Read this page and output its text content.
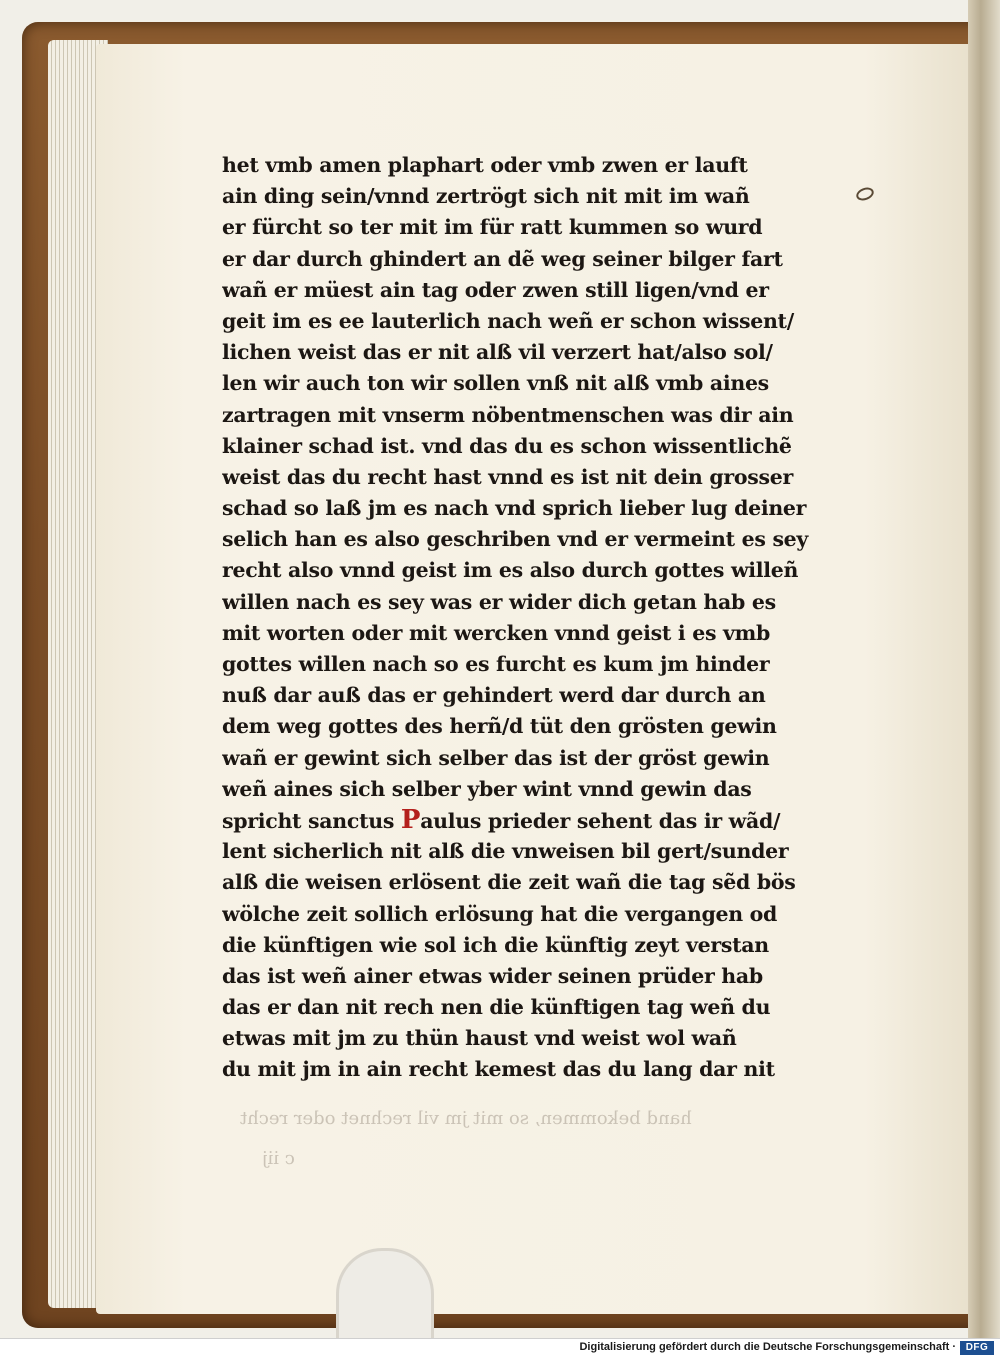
het vmb amen plaphart oder vmb zwen er lauft
ain ding sein/vnnd zertrögt sich nit mit im wañ
er fürcht so ter mit im für ratt kummen so wurd
er dar durch ghindert an dẽ weg seiner bilger fart
wañ er müest ain tag oder zwen still ligen/vnd er
geit im es ee lauterlich nach weñ er schon wissent/
lichen weist das er nit alß vil verzert hat/also sol/
len wir auch ton wir sollen vnß nit alß vmb aines
zartragen mit vnserm nöbentmenschen was dir ain
klainer schad ist. vnd das du es schon wissentlichẽ
weist das du recht hast vnnd es ist nit dein grosser
schad so laß jm es nach vnd sprich lieber lug deiner
selich han es also geschriben vnd er vermeint es sey
recht also vnnd geist im es also durch gottes willeñ
willen nach es sey was er wider dich getan hab es
mit worten oder mit wercken vnnd geist i es vmb
gottes willen nach so es furcht es kum jm hinder
nuß dar auß das er gehindert werd dar durch an
dem weg gottes des herñ/d tüt den grösten gewin
wañ er gewint sich selber das ist der gröst gewin
weñ aines sich selber yber wint vnnd gewin das
spricht sanctus Paulus prieder sehent das ir wãd/
lent sicherlich nit alß die vnweisen bil gert/sunder
alß die weisen erlösent die zeit wañ die tag sẽd bös
wölche zeit sollich erlösung hat die vergangen od
die künftigen wie sol ich die künftig zeyt verstan
das ist weñ ainer etwas wider seinen prüder hab
das er dan nit rech nen die künftigen tag weñ du
etwas mit jm zu thün haust vnd weist wol wañ
du mit jm in ain recht kemest das du lang dar nit
hand bekommen, so mit jm vil rechnet oder recht
c iij
Digitalisierung gefördert durch die Deutsche Forschungsgemeinschaft · DFG
